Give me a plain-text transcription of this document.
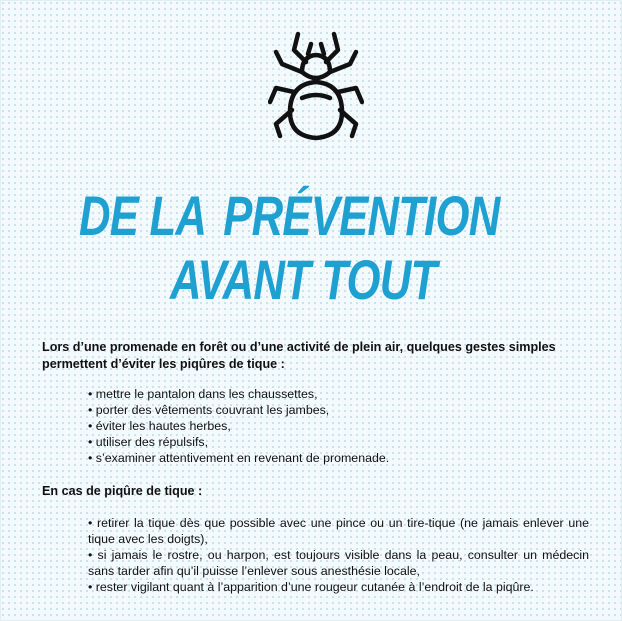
DE LA PRÉVENTION
AVANT TOUT
Lors d’une promenade en forêt ou d’une activité de plein air, quelques gestes simples permettent d’éviter les piqûres de tique :
• mettre le pantalon dans les chaussettes,
• porter des vêtements couvrant les jambes,
• éviter les hautes herbes,
• utiliser des répulsifs,
• s’examiner attentivement en revenant de promenade.
En cas de piqûre de tique :
• retirer la tique dès que possible avec une pince ou un tire-tique (ne jamais enlever une tique avec les doigts),
• si jamais le rostre, ou harpon, est toujours visible dans la peau, consulter un médecin sans tarder afin qu’il puisse l’enlever sous anesthésie locale,
• rester vigilant quant à l’apparition d’une rougeur cutanée à l’endroit de la piqûre.
